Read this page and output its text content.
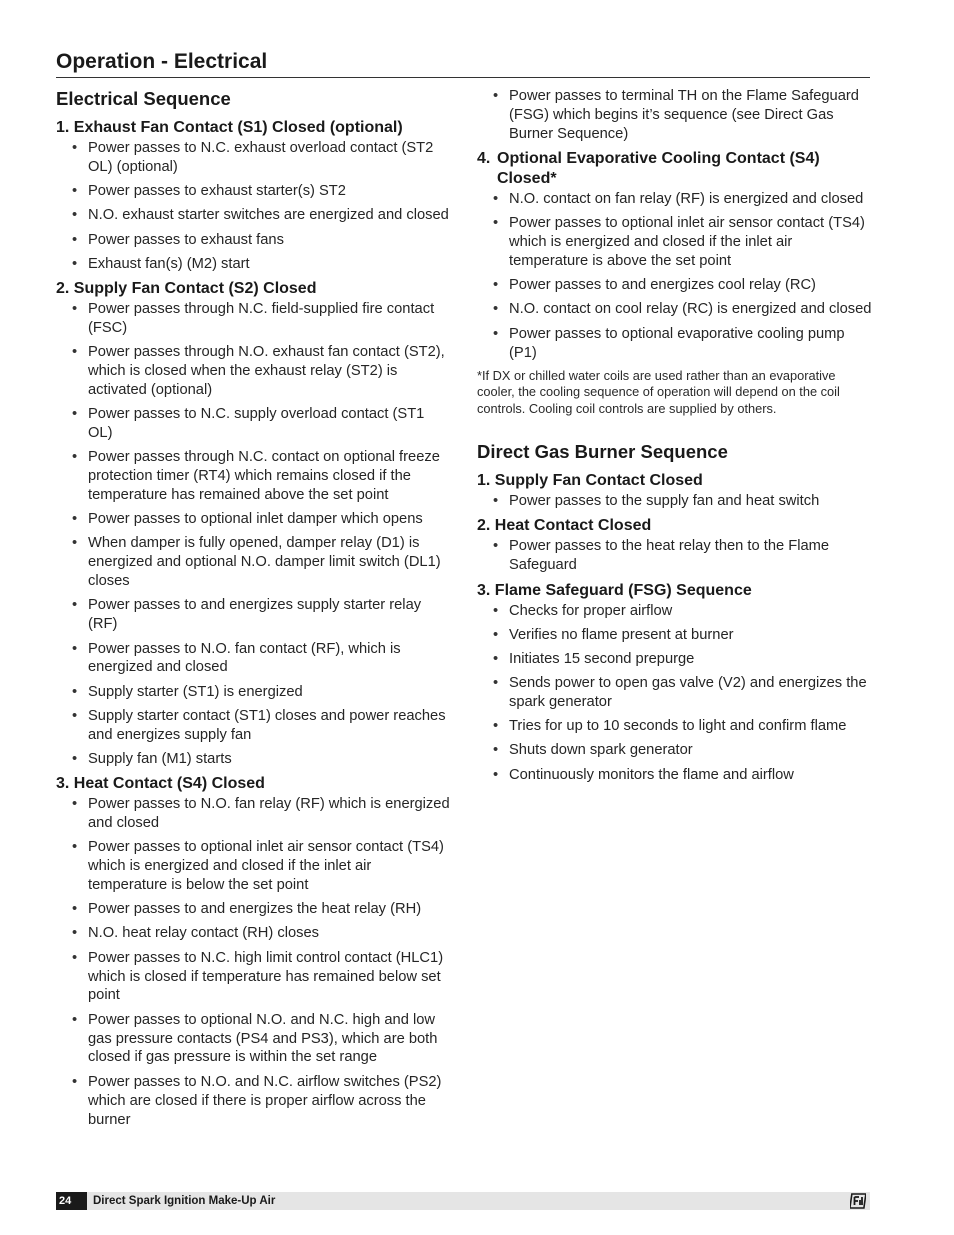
Operation - Electrical
Electrical Sequence
1. Exhaust Fan Contact (S1) Closed (optional)
• Power passes to N.C. exhaust overload contact (ST2 OL) (optional)
• Power passes to exhaust starter(s) ST2
• N.O. exhaust starter switches are energized and closed
• Power passes to exhaust fans
• Exhaust fan(s) (M2) start
2. Supply Fan Contact (S2) Closed
• Power passes through N.C. field-supplied fire contact (FSC)
• Power passes through N.O. exhaust fan contact (ST2), which is closed when the exhaust relay (ST2) is activated (optional)
• Power passes to N.C. supply overload contact (ST1 OL)
• Power passes through N.C. contact on optional freeze protection timer (RT4) which remains closed if the temperature has remained above the set point
• Power passes to optional inlet damper which opens
• When damper is fully opened, damper relay (D1) is energized and optional N.O. damper limit switch (DL1) closes
• Power passes to and energizes supply starter relay (RF)
• Power passes to N.O. fan contact (RF), which is energized and closed
• Supply starter (ST1) is energized
• Supply starter contact (ST1) closes and power reaches and energizes supply fan
• Supply fan (M1) starts
3. Heat Contact (S4) Closed
• Power passes to N.O. fan relay (RF) which is energized and closed
• Power passes to optional inlet air sensor contact (TS4) which is energized and closed if the inlet air temperature is below the set point
• Power passes to and energizes the heat relay (RH)
• N.O. heat relay contact (RH) closes
• Power passes to N.C. high limit control contact (HLC1) which is closed if temperature has remained below set point
• Power passes to optional N.O. and N.C. high and low gas pressure contacts (PS4 and PS3), which are both closed if gas pressure is within the set range
• Power passes to N.O. and N.C. airflow switches (PS2) which are closed if there is proper airflow across the burner
• Power passes to terminal TH on the Flame Safeguard (FSG) which begins it’s sequence (see Direct Gas Burner Sequence)
4. Optional Evaporative Cooling Contact (S4) Closed*
• N.O. contact on fan relay (RF) is energized and closed
• Power passes to optional inlet air sensor contact (TS4) which is energized and closed if the inlet air temperature is above the set point
• Power passes to and energizes cool relay (RC)
• N.O. contact on cool relay (RC) is energized and closed
• Power passes to optional evaporative cooling pump (P1)
*If DX or chilled water coils are used rather than an evaporative cooler, the cooling sequence of operation will depend on the coil controls. Cooling coil controls are supplied by others.
Direct Gas Burner Sequence
1. Supply Fan Contact Closed
• Power passes to the supply fan and heat switch
2. Heat Contact Closed
• Power passes to the heat relay then to the Flame Safeguard
3. Flame Safeguard (FSG) Sequence
• Checks for proper airflow
• Verifies no flame present at burner
• Initiates 15 second prepurge
• Sends power to open gas valve (V2) and energizes the spark generator
• Tries for up to 10 seconds to light and confirm flame
• Shuts down spark generator
• Continuously monitors the flame and airflow
24	Direct Spark Ignition Make-Up Air
